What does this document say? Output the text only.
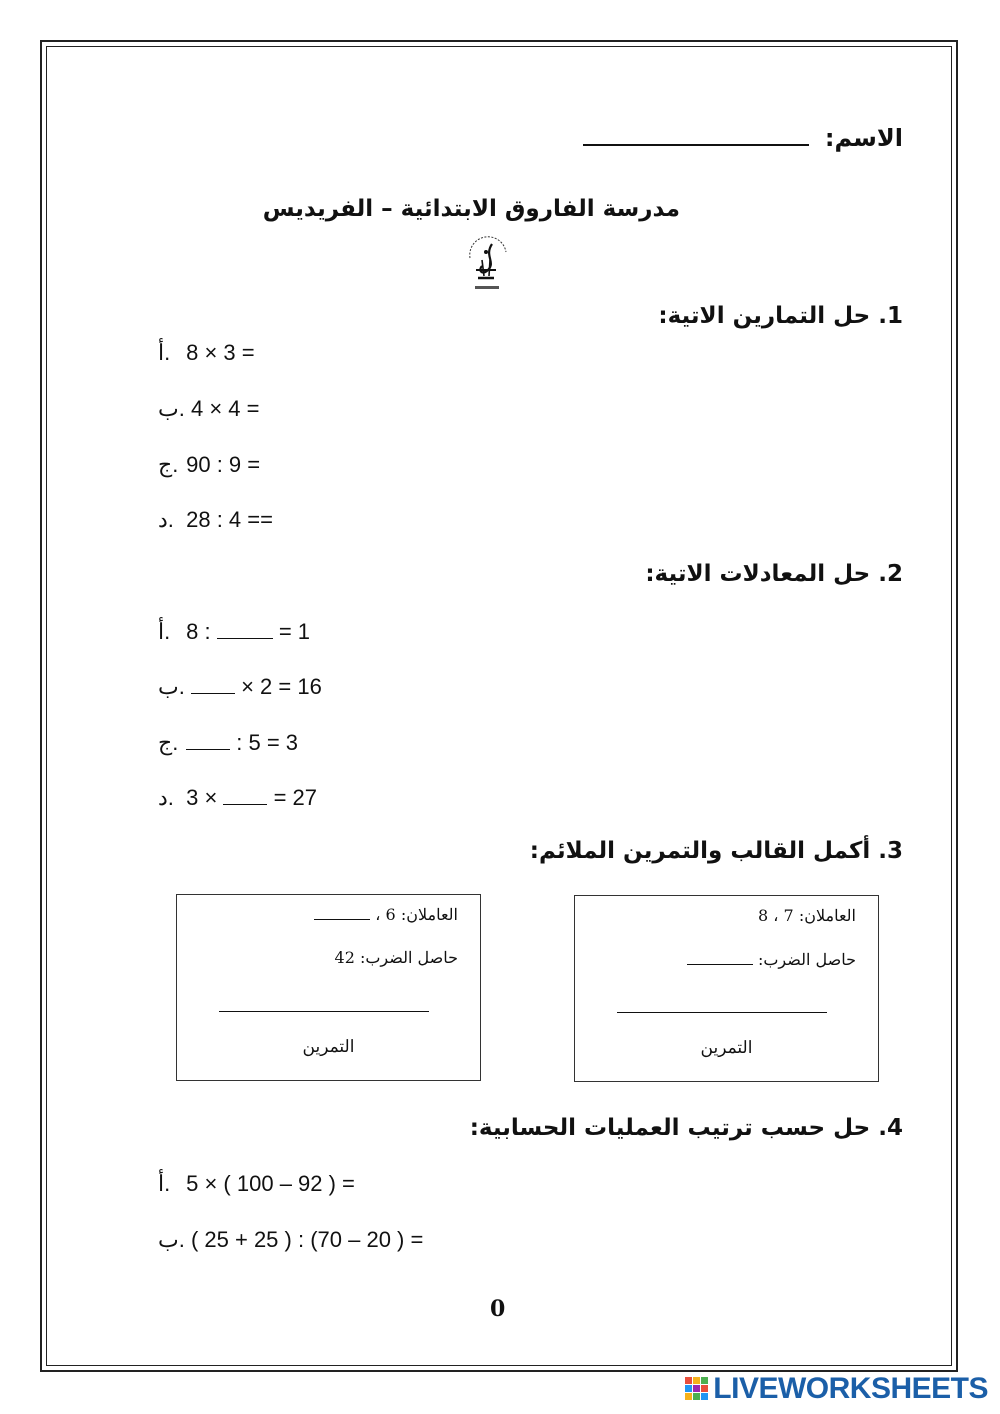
الاسم:
مدرسة الفاروق الابتدائية – الفريديس
1. حل التمارين الاتية:
أ. 8 × 3 =
ب. 4 × 4 =
ج. 90 : 9 =
د. 28 : 4 ==
2. حل المعادلات الاتية:
أ. 8 :	= 1
ب.	× 2 = 16
ج.	: 5 = 3
د. 3 ×	= 27
3. أكمل القالب والتمرين الملائم:
العاملان: 6 ،
حاصل الضرب: 42
التمرين
العاملان: 7 ، 8
حاصل الضرب:
التمرين
4. حل حسب ترتيب العمليات الحسابية:
أ. 5 × ( 100 – 92 ) =
ب. ( 25 + 25 ) : (70 – 20 ) =
0
LIVEWORKSHEETS
